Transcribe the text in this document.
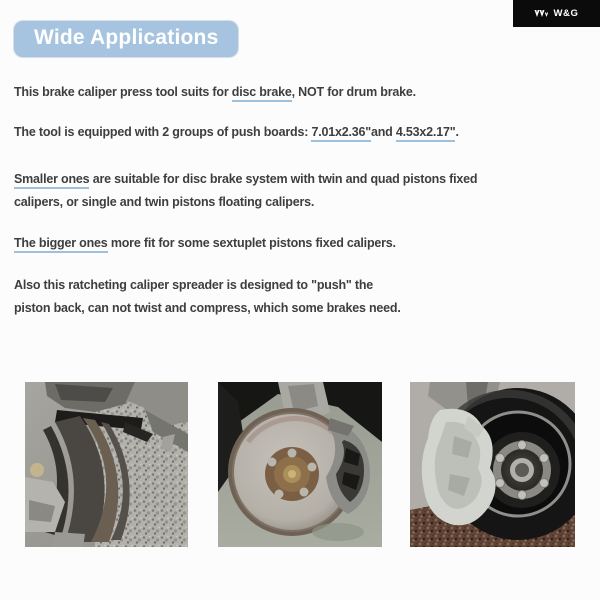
W&G
Wide Applications
This brake caliper press tool suits for disc brake, NOT for drum brake.
The tool is equipped with 2 groups of push boards: 7.01x2.36"and 4.53x2.17".
Smaller ones are suitable for disc brake system with twin and quad pistons fixed
calipers, or single and twin pistons floating calipers.
The bigger ones more fit for some sextuplet pistons fixed calipers.
Also this ratcheting caliper spreader is designed to "push" the
piston back, can not twist and compress, which some brakes need.
